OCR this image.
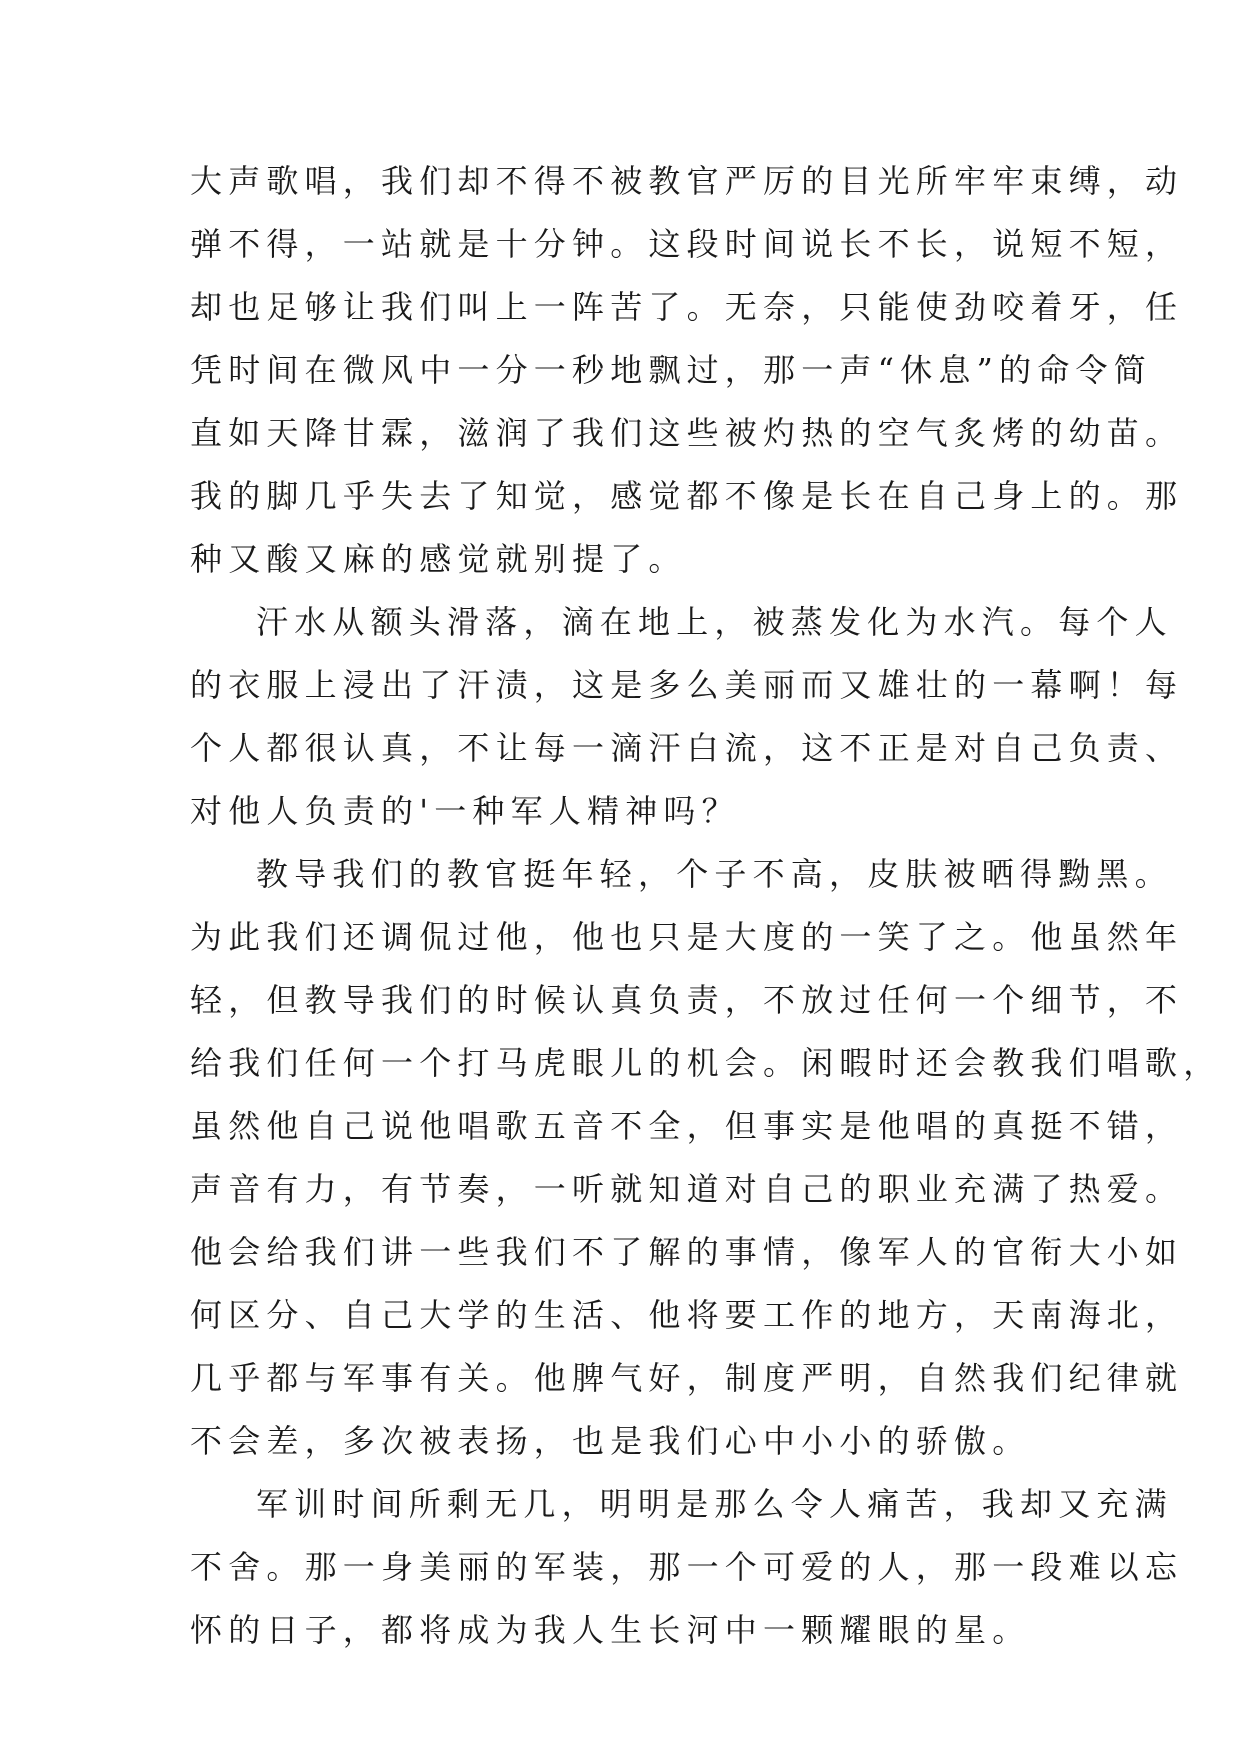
大声歌唱，我们却不得不被教官严厉的目光所牢牢束缚，动
弹不得，一站就是十分钟。这段时间说长不长，说短不短，
却也足够让我们叫上一阵苦了。无奈，只能使劲咬着牙，任
凭时间在微风中一分一秒地飘过，那一声“休息”的命令简
直如天降甘霖，滋润了我们这些被灼热的空气炙烤的幼苗。
我的脚几乎失去了知觉，感觉都不像是长在自己身上的。那
种又酸又麻的感觉就别提了。
汗水从额头滑落，滴在地上，被蒸发化为水汽。每个人
的衣服上浸出了汗渍，这是多么美丽而又雄壮的一幕啊！每
个人都很认真，不让每一滴汗白流，这不正是对自己负责、
对他人负责的'一种军人精神吗？
教导我们的教官挺年轻，个子不高，皮肤被晒得黝黑。
为此我们还调侃过他，他也只是大度的一笑了之。他虽然年
轻，但教导我们的时候认真负责，不放过任何一个细节，不
给我们任何一个打马虎眼儿的机会。闲暇时还会教我们唱歌，
虽然他自己说他唱歌五音不全，但事实是他唱的真挺不错，
声音有力，有节奏，一听就知道对自己的职业充满了热爱。
他会给我们讲一些我们不了解的事情，像军人的官衔大小如
何区分、自己大学的生活、他将要工作的地方，天南海北，
几乎都与军事有关。他脾气好，制度严明，自然我们纪律就
不会差，多次被表扬，也是我们心中小小的骄傲。
军训时间所剩无几，明明是那么令人痛苦，我却又充满
不舍。那一身美丽的军装，那一个可爱的人，那一段难以忘
怀的日子，都将成为我人生长河中一颗耀眼的星。
